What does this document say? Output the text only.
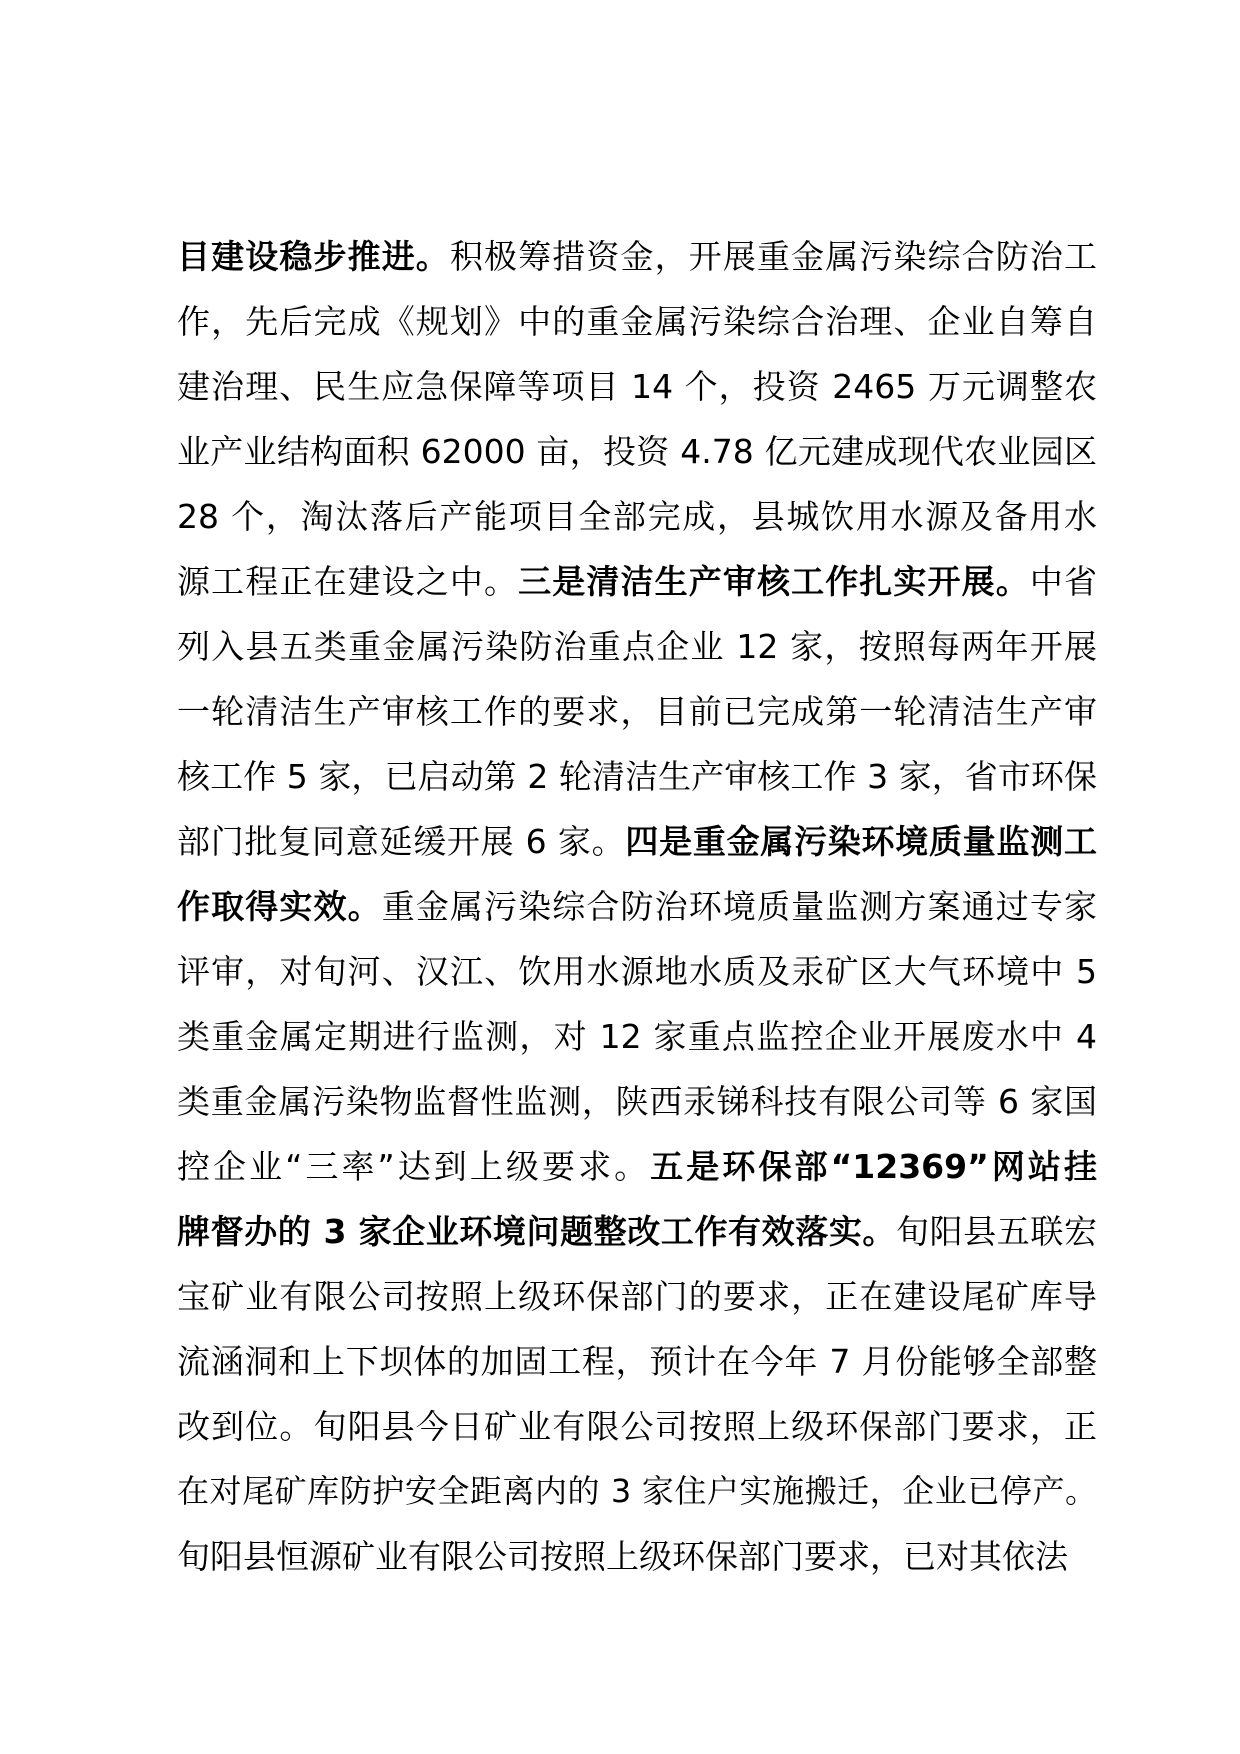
目建设稳步推进。积极筹措资金，开展重金属污染综合防治工
作，先后完成《规划》中的重金属污染综合治理、企业自筹自
建治理、民生应急保障等项目 14 个，投资 2465 万元调整农
业产业结构面积 62000 亩，投资 4.78 亿元建成现代农业园区
28 个，淘汰落后产能项目全部完成，县城饮用水源及备用水
源工程正在建设之中。三是清洁生产审核工作扎实开展。中省
列入县五类重金属污染防治重点企业 12 家，按照每两年开展
一轮清洁生产审核工作的要求，目前已完成第一轮清洁生产审
核工作 5 家，已启动第 2 轮清洁生产审核工作 3 家，省市环保
部门批复同意延缓开展 6 家。四是重金属污染环境质量监测工
作取得实效。重金属污染综合防治环境质量监测方案通过专家
评审，对旬河、汉江、饮用水源地水质及汞矿区大气环境中 5
类重金属定期进行监测，对 12 家重点监控企业开展废水中 4
类重金属污染物监督性监测，陕西汞锑科技有限公司等 6 家国
控企业“三率”达到上级要求。五是环保部“12369”网站挂
牌督办的 3 家企业环境问题整改工作有效落实。旬阳县五联宏
宝矿业有限公司按照上级环保部门的要求，正在建设尾矿库导
流涵洞和上下坝体的加固工程，预计在今年 7 月份能够全部整
改到位。旬阳县今日矿业有限公司按照上级环保部门要求，正
在对尾矿库防护安全距离内的 3 家住户实施搬迁，企业已停产。
旬阳县恒源矿业有限公司按照上级环保部门要求，已对其依法
